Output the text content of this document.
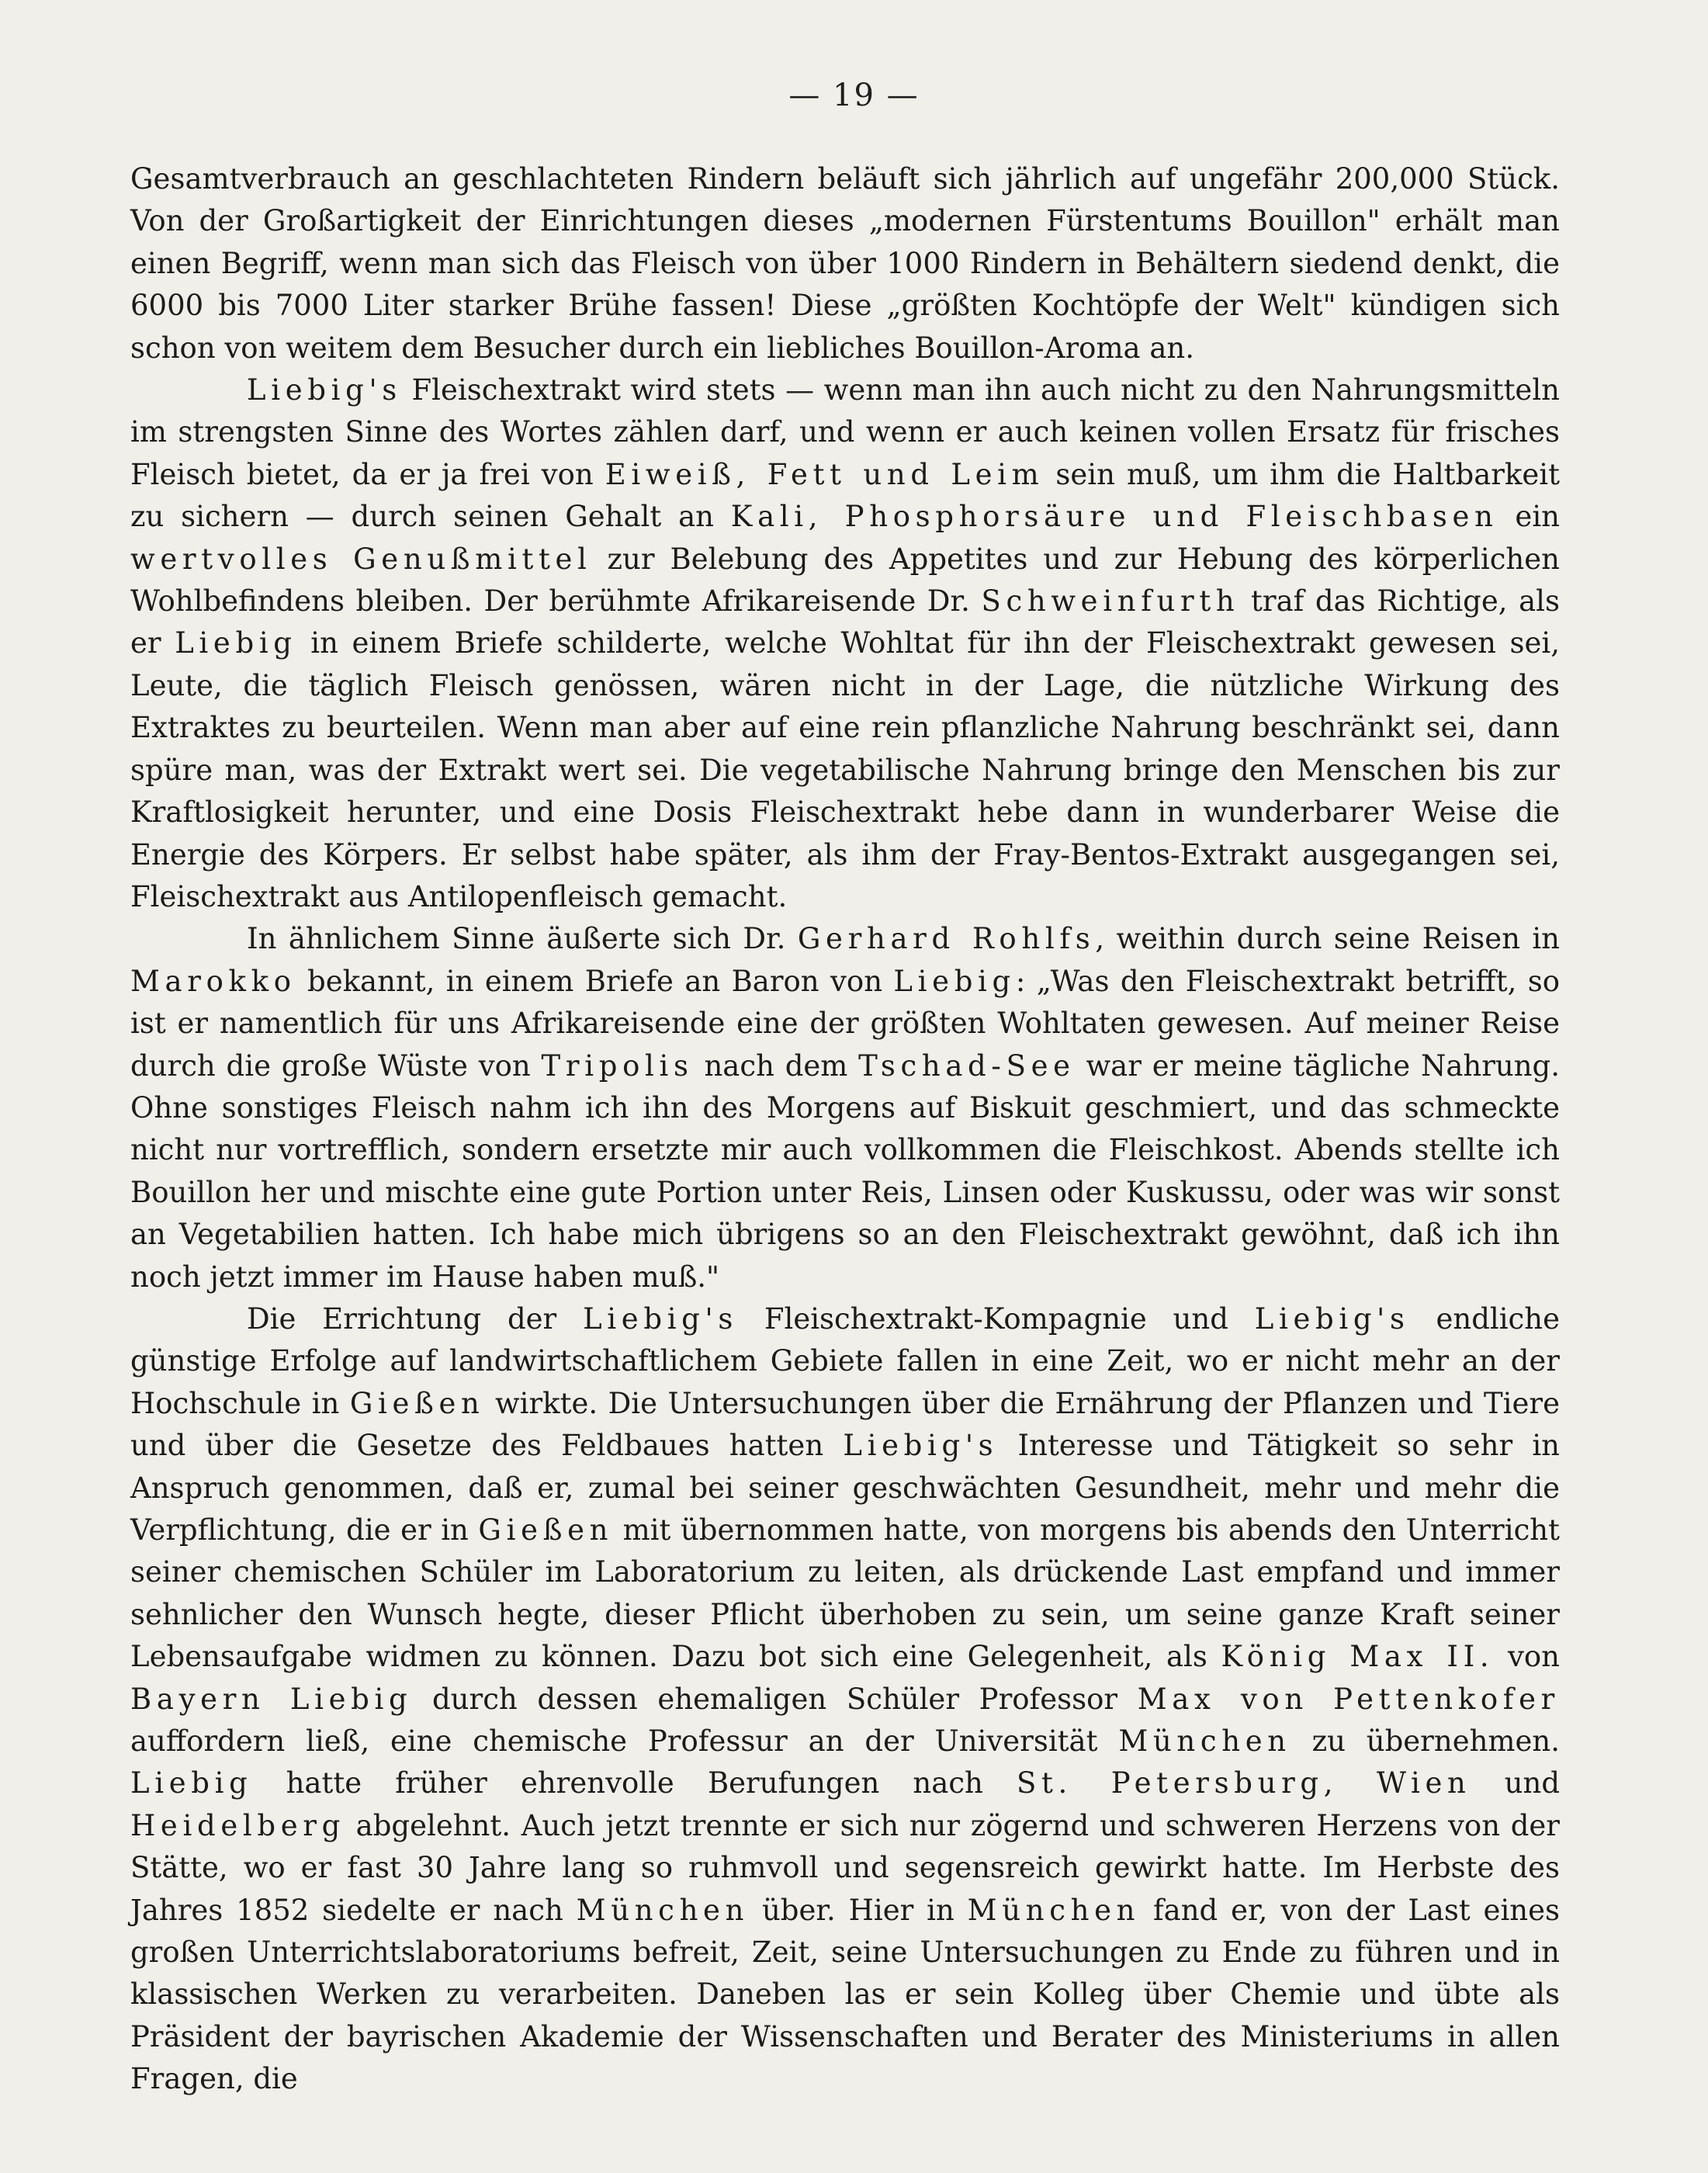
— 19 —

Gesamtverbrauch an geschlachteten Rindern beläuft sich jährlich auf ungefähr 200,000 Stück. Von der Großartigkeit der Einrichtungen dieses „modernen Fürstentums Bouillon" erhält man einen Begriff, wenn man sich das Fleisch von über 1000 Rindern in Behältern siedend denkt, die 6000 bis 7000 Liter starker Brühe fassen! Diese „größten Kochtöpfe der Welt" kündigen sich schon von weitem dem Besucher durch ein liebliches Bouillon-Aroma an.

Liebig's Fleischextrakt wird stets — wenn man ihn auch nicht zu den Nahrungsmitteln im strengsten Sinne des Wortes zählen darf, und wenn er auch keinen vollen Ersatz für frisches Fleisch bietet, da er ja frei von Eiweiß, Fett und Leim sein muß, um ihm die Haltbarkeit zu sichern — durch seinen Gehalt an Kali, Phosphorsäure und Fleischbasen ein wertvolles Genußmittel zur Belebung des Appetites und zur Hebung des körperlichen Wohlbefindens bleiben. Der berühmte Afrikareisende Dr. Schweinfurth traf das Richtige, als er Liebig in einem Briefe schilderte, welche Wohltat für ihn der Fleischextrakt gewesen sei, Leute, die täglich Fleisch genössen, wären nicht in der Lage, die nützliche Wirkung des Extraktes zu beurteilen. Wenn man aber auf eine rein pflanzliche Nahrung beschränkt sei, dann spüre man, was der Extrakt wert sei. Die vegetabilische Nahrung bringe den Menschen bis zur Kraftlosigkeit herunter, und eine Dosis Fleischextrakt hebe dann in wunderbarer Weise die Energie des Körpers. Er selbst habe später, als ihm der Fray-Bentos-Extrakt ausgegangen sei, Fleischextrakt aus Antilopenfleisch gemacht.

In ähnlichem Sinne äußerte sich Dr. Gerhard Rohlfs, weithin durch seine Reisen in Marokko bekannt, in einem Briefe an Baron von Liebig: „Was den Fleischextrakt betrifft, so ist er namentlich für uns Afrikareisende eine der größten Wohltaten gewesen. Auf meiner Reise durch die große Wüste von Tripolis nach dem Tschad-See war er meine tägliche Nahrung. Ohne sonstiges Fleisch nahm ich ihn des Morgens auf Biskuit geschmiert, und das schmeckte nicht nur vortrefflich, sondern ersetzte mir auch vollkommen die Fleischkost. Abends stellte ich Bouillon her und mischte eine gute Portion unter Reis, Linsen oder Kuskussu, oder was wir sonst an Vegetabilien hatten. Ich habe mich übrigens so an den Fleischextrakt gewöhnt, daß ich ihn noch jetzt immer im Hause haben muß."

Die Errichtung der Liebig's Fleischextrakt-Kompagnie und Liebig's endliche günstige Erfolge auf landwirtschaftlichem Gebiete fallen in eine Zeit, wo er nicht mehr an der Hochschule in Gießen wirkte. Die Untersuchungen über die Ernährung der Pflanzen und Tiere und über die Gesetze des Feldbaues hatten Liebig's Interesse und Tätigkeit so sehr in Anspruch genommen, daß er, zumal bei seiner geschwächten Gesundheit, mehr und mehr die Verpflichtung, die er in Gießen mit übernommen hatte, von morgens bis abends den Unterricht seiner chemischen Schüler im Laboratorium zu leiten, als drückende Last empfand und immer sehnlicher den Wunsch hegte, dieser Pflicht überhoben zu sein, um seine ganze Kraft seiner Lebensaufgabe widmen zu können. Dazu bot sich eine Gelegenheit, als König Max II. von Bayern Liebig durch dessen ehemaligen Schüler Professor Max von Pettenkofer auffordern ließ, eine chemische Professur an der Universität München zu übernehmen. Liebig hatte früher ehrenvolle Berufungen nach St. Petersburg, Wien und Heidelberg abgelehnt. Auch jetzt trennte er sich nur zögernd und schweren Herzens von der Stätte, wo er fast 30 Jahre lang so ruhmvoll und segensreich gewirkt hatte. Im Herbste des Jahres 1852 siedelte er nach München über. Hier in München fand er, von der Last eines großen Unterrichtslaboratoriums befreit, Zeit, seine Untersuchungen zu Ende zu führen und in klassischen Werken zu verarbeiten. Daneben las er sein Kolleg über Chemie und übte als Präsident der bayrischen Akademie der Wissenschaften und Berater des Ministeriums in allen Fragen, die
